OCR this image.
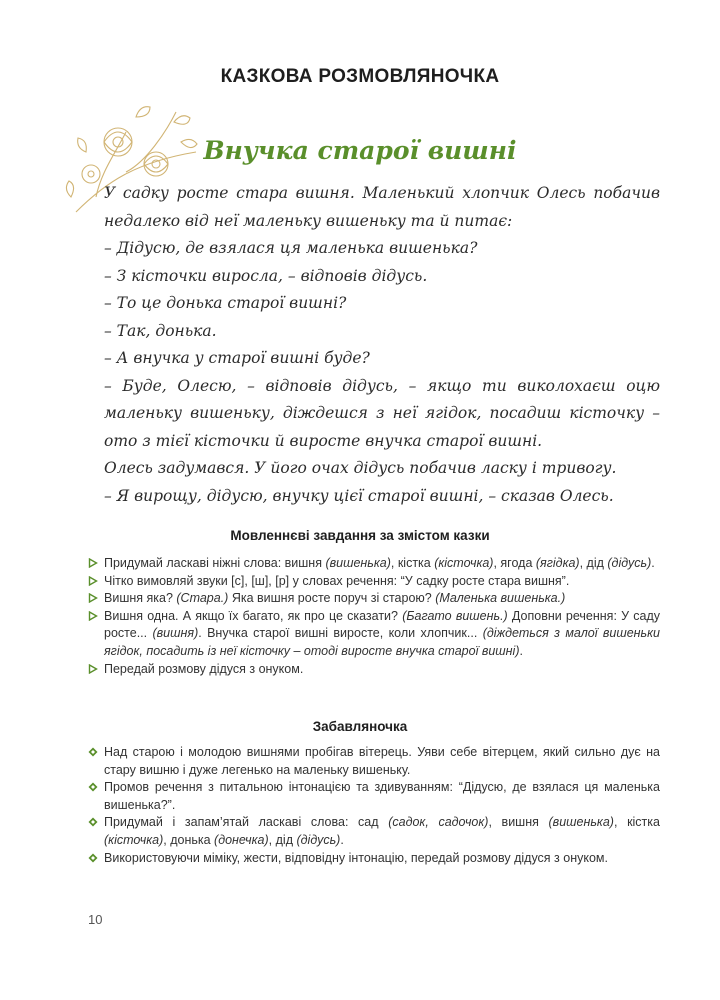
КАЗКОВА РОЗМОВЛЯНОЧКА
Внучка старої вишні

У садку росте стара вишня. Маленький хлопчик Олесь побачив недалеко від неї маленьку вишеньку та й питає:

– Дідусю, де взялася ця маленька вишенька?

– З кісточки виросла, – відповів дідусь.

– То це донька старої вишні?

– Так, донька.

– А внучка у старої вишні буде?

– Буде, Олесю, – відповів дідусь, – якщо ти виколохаєш оцю маленьку вишеньку, діждешся з неї ягідок, посадиш кісточку – ото з тієї кісточки й виросте внучка старої вишні.

Олесь задумався. У його очах дідусь побачив ласку і тривогу.

– Я вирощу, дідусю, внучку цієї старої вишні, – сказав Олесь.

Мовленнєві завдання за змістом казки
Придумай лаcкаві ніжні слова: вишня (вишенька), кістка (кісточка), ягода (ягідка), дід (дідусь).
Чітко вимовляй звуки [с], [ш], [р] у словах речення: “У садку росте стара вишня”.
Вишня яка? (Стара.) Яка вишня росте поруч зі старою? (Маленька вишенька.)
Вишня одна. А якщо їх багато, як про це сказати? (Багато вишень.) Доповни речення: У саду росте... (вишня). Внучка старої вишні виросте, коли хлопчик... (діждеться з малої вишеньки ягідок, посадить із неї кісточку – отоді виросте внучка старої вишні).
Передай розмову дідуся з онуком.
Забавляночка
Над старою і молодою вишнями пробігав вітерець. Уяви себе вітерцем, який сильно дує на стару вишню і дуже легенько на маленьку вишеньку.
Промов речення з питальною інтонацією та здивуванням: “Дідусю, де взялася ця маленька вишенька?”.
Придумай і запам’ятай ласкаві слова: сад (садок, садочок), вишня (вишенька), кістка (кісточка), донька (донечка), дід (дідусь).
Використовуючи міміку, жести, відповідну інтонацію, передай розмову дідуся з онуком.
10
